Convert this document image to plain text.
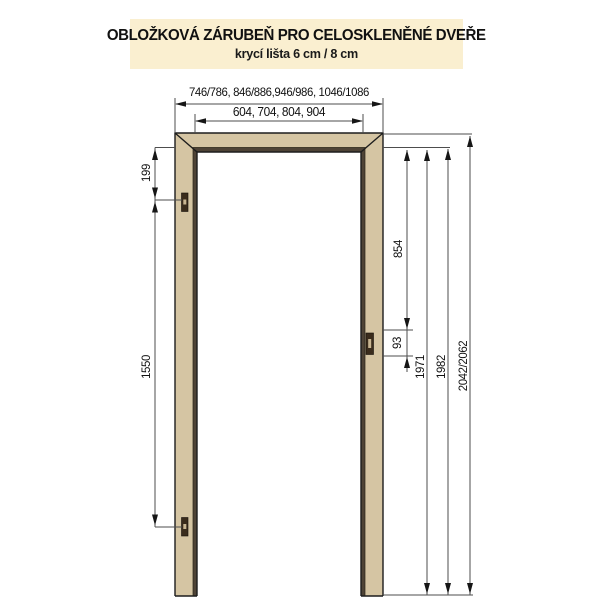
OBLOŽKOVÁ ZÁRUBEŇ PRO CELOSKLENĚNÉ DVEŘE
krycí lišta 6 cm / 8 cm
746/786, 846/886,946/986, 1046/1086
604, 704, 804, 904
199
1550
854
93
1971 1982 2042/2062
